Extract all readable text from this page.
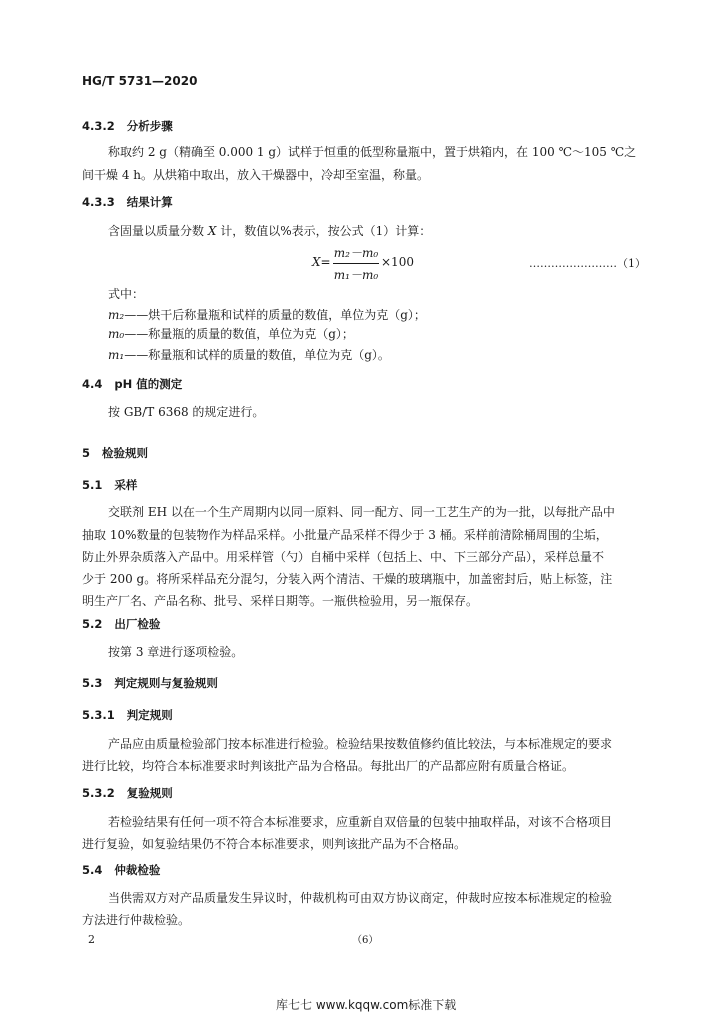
HG/T 5731—2020
4.3.2 分析步骤
称取约 2 g（精确至 0.000 1 g）试样于恒重的低型称量瓶中，置于烘箱内，在 100 ℃～105 ℃之
间干燥 4 h。从烘箱中取出，放入干燥器中，冷却至室温，称量。
4.3.3 结果计算
含固量以质量分数 X 计，数值以%表示，按公式（1）计算：
X=
m₂－m₀
m₁－m₀
×100	……………………（1）
式中：
m₂——烘干后称量瓶和试样的质量的数值，单位为克（g）；
m₀——称量瓶的质量的数值，单位为克（g）；
m₁——称量瓶和试样的质量的数值，单位为克（g）。
4.4 pH 值的测定
按 GB/T 6368 的规定进行。
5 检验规则
5.1 采样
交联剂 EH 以在一个生产周期内以同一原料、同一配方、同一工艺生产的为一批，以每批产品中
抽取 10%数量的包装物作为样品采样。小批量产品采样不得少于 3 桶。采样前清除桶周围的尘垢，
防止外界杂质落入产品中。用采样管（勺）自桶中采样（包括上、中、下三部分产品），采样总量不
少于 200 g。将所采样品充分混匀，分装入两个清洁、干燥的玻璃瓶中，加盖密封后，贴上标签，注
明生产厂名、产品名称、批号、采样日期等。一瓶供检验用，另一瓶保存。
5.2 出厂检验
按第 3 章进行逐项检验。
5.3 判定规则与复验规则
5.3.1 判定规则
产品应由质量检验部门按本标准进行检验。检验结果按数值修约值比较法，与本标准规定的要求
进行比较，均符合本标准要求时判该批产品为合格品。每批出厂的产品都应附有质量合格证。
5.3.2 复验规则
若检验结果有任何一项不符合本标准要求，应重新自双倍量的包装中抽取样品，对该不合格项目
进行复验，如复验结果仍不符合本标准要求，则判该批产品为不合格品。
5.4 仲裁检验
当供需双方对产品质量发生异议时，仲裁机构可由双方协议商定，仲裁时应按本标准规定的检验
方法进行仲裁检验。
2	（6）
库七七 www.kqqw.com标准下载
